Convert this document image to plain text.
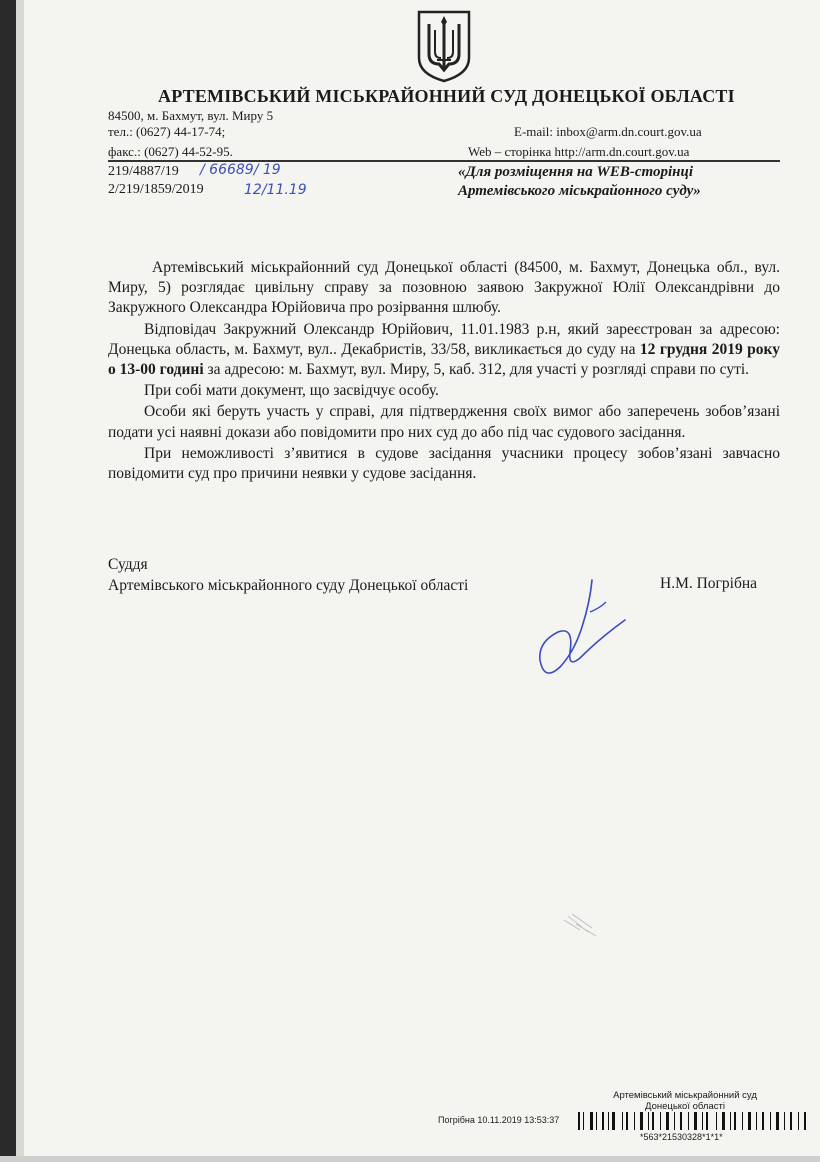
АРТЕМІВСЬКИЙ МІСЬКРАЙОННИЙ СУД ДОНЕЦЬКОЇ ОБЛАСТІ
84500, м. Бахмут, вул. Миру 5
тел.: (0627) 44-17-74;	E-mail: inbox@arm.dn.court.gov.ua
факс.: (0627) 44-52-95.	Web – сторінка http://arm.dn.court.gov.ua
219/4887/19
2/219/1859/2019
/ 66689/ 19
12/11.19
«Для розміщення на WEB-сторінці
Артемівського міськрайонного суду»

Артемівський міськрайонний суд Донецької області (84500, м. Бахмут, Донецька обл., вул. Миру, 5) розглядає цивільну справу за позовною заявою Закружної Юлії Олександрівни до Закружного Олександра Юрійовича про розірвання шлюбу.

Відповідач Закружний Олександр Юрійович, 11.01.1983 р.н, який зареєстрован за адресою: Донецька область, м. Бахмут, вул.. Декабристів, 33/58, викликається до суду на 12 грудня 2019 року о 13-00 годині за адресою: м. Бахмут, вул. Миру, 5, каб. 312, для участі у розгляді справи по суті.

При собі мати документ, що засвідчує особу.

Особи які беруть участь у справі, для підтвердження своїх вимог або заперечень зобов’язані подати усі наявні докази або повідомити про них суд до або під час судового засідання.

При неможливості з’явитися в судове засідання учасники процесу зобов’язані завчасно повідомити суд про причини неявки у судове засідання.

Суддя
Артемівського міськрайонного суду Донецької області	Н.М. Погрібна
Артемівський міськрайонний суд
Донецької області
Погрібна 10.11.2019 13:53:37
*563*21530328*1*1*
